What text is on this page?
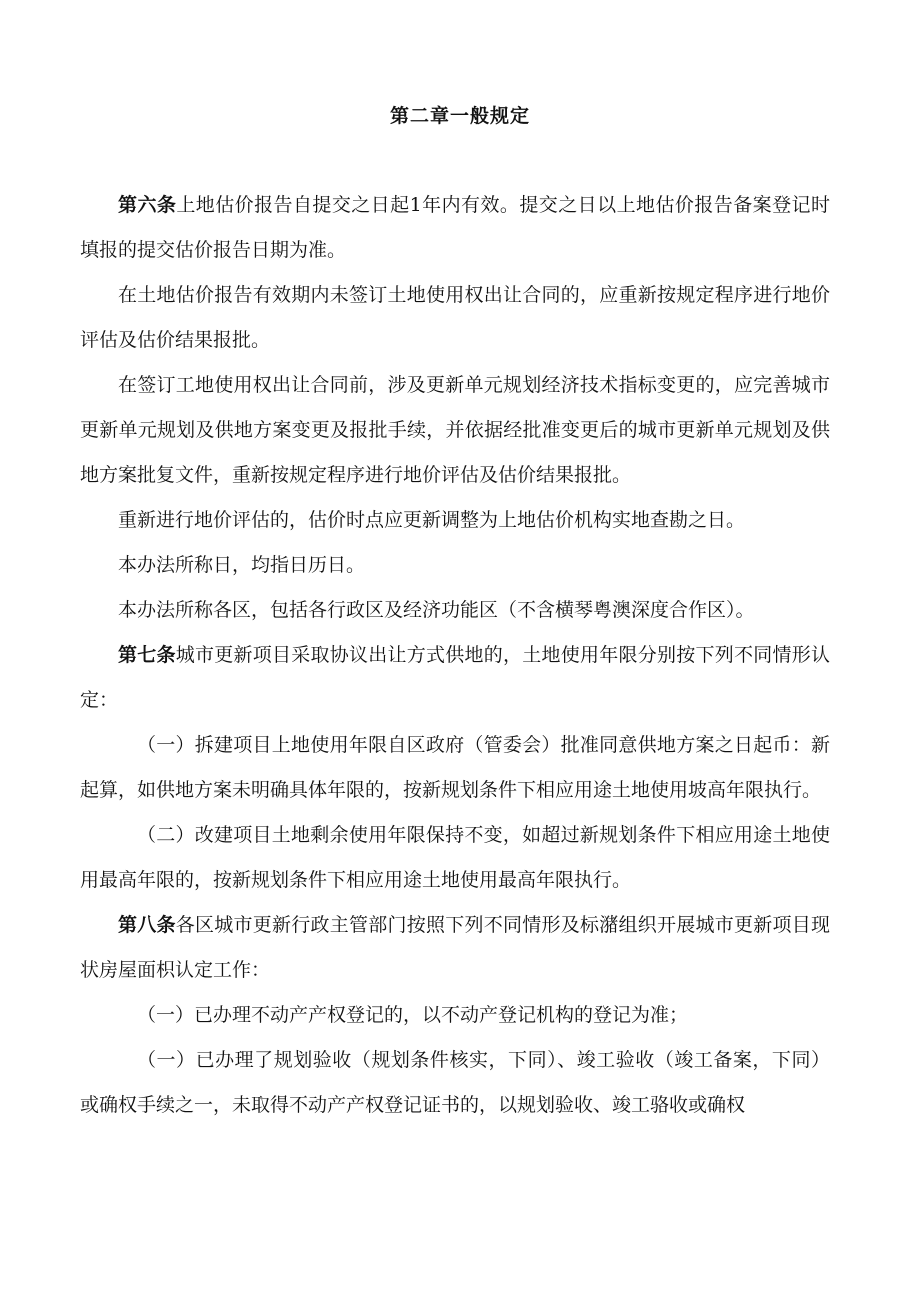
第二章一般规定

第六条上地估价报告自提交之日起1年内有效。提交之日以上地估价报告备案登记时填报的提交估价报告日期为准。

在土地估价报告有效期内未签订土地使用权出让合同的，应重新按规定程序进行地价评估及估价结果报批。

在签订工地使用权出让合同前，涉及更新单元规划经济技术指标变更的，应完善城市更新单元规划及供地方案变更及报批手续，并依据经批准变更后的城市更新单元规划及供地方案批复文件，重新按规定程序进行地价评估及估价结果报批。

重新进行地价评估的，估价时点应更新调整为上地估价机构实地查勘之日。

本办法所称日，均指日历日。

本办法所称各区，包括各行政区及经济功能区（不含横琴粤澳深度合作区）。

第七条城市更新项目采取协议出让方式供地的，土地使用年限分别按下列不同情形认定：

（一）拆建项目上地使用年限自区政府（管委会）批准同意供地方案之日起币：新起算，如供地方案未明确具体年限的，按新规划条件下相应用途土地使用坡高年限执行。

（二）改建项目土地剩余使用年限保持不变，如超过新规划条件下相应用途土地使用最高年限的，按新规划条件下相应用途土地使用最高年限执行。

第八条各区城市更新行政主管部门按照下列不同情形及标潴组织开展城市更新项目现状房屋面枳认定工作：

（一）已办理不动产产权登记的，以不动产登记机构的登记为准；

（一）已办理了规划验收（规划条件核实，下同）、竣工验收（竣工备案，下同）或确权手续之一，未取得不动产产权登记证书的，以规划验收、竣工骆收或确权
